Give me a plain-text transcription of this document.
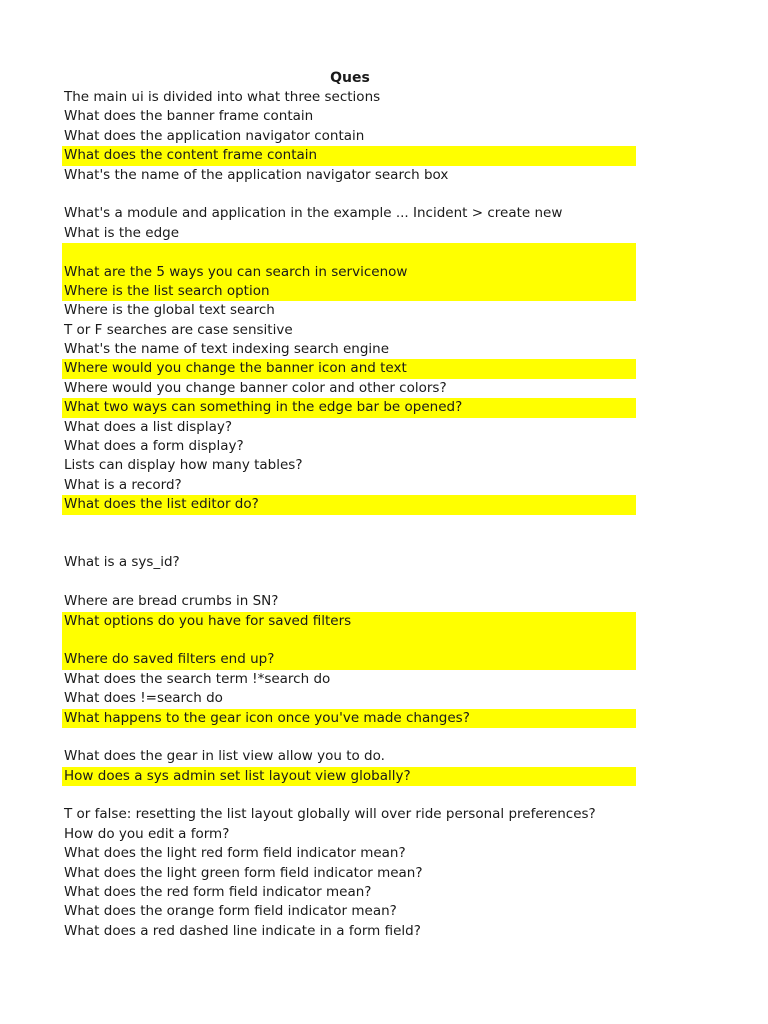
Ques
The main ui is divided into what three sections
What does the banner frame contain
What does the application navigator contain
What does the content frame contain
What's the name of the application navigator search box
What's a module and application in the example ... Incident > create new
What is the edge
What are the 5 ways you can search in servicenow
Where is the list search option
Where is the global text search
T or F searches are case sensitive
What's the name of text indexing search engine
Where would you change the banner icon and text
Where would you change banner color and other colors?
What two ways can something in the edge bar be opened?
What does a list display?
What does a form display?
Lists can display how many tables?
What is a record?
What does the list editor do?
What is a sys_id?
Where are bread crumbs in SN?
What options do you have for saved filters
Where do saved filters end up?
What does the search term !*search do
What does !=search do
What happens to the gear icon once you've made changes?
What does the gear in list view allow you to do.
How does a sys admin set list layout view globally?
T or false: resetting the list layout globally will over ride personal preferences?
How do you edit a form?
What does the light red form field indicator mean?
What does the light green form field indicator mean?
What does the red form field indicator mean?
What does the orange form field indicator mean?
What does a red dashed line indicate in a form field?
